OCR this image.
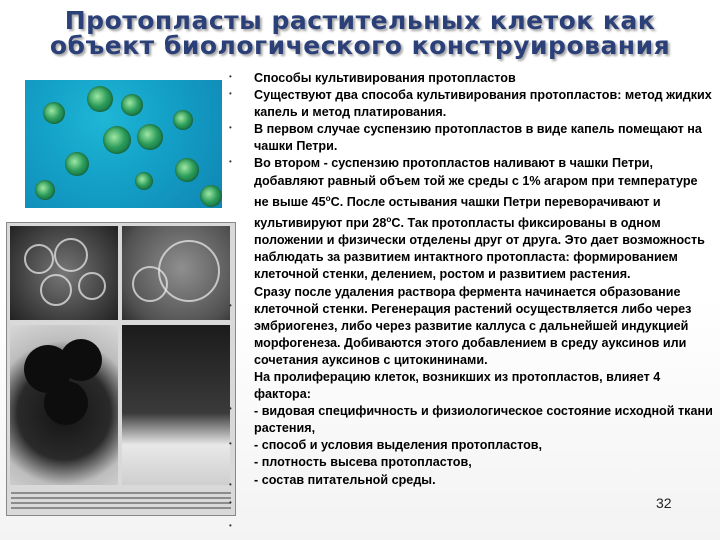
Протопласты растительных клеток как
объект биологического конструирования
•
•
•
•
•
•
•
•
•
•

Способы культивирования протопластов

Существуют два способа культивирования протопластов: метод жидких капель и метод платирования.

В первом случае суспензию протопластов в виде капель помещают на чашки Петри.

Во втором - суспензию протопластов наливают в чашки Петри, добавляют равный объем той же среды с 1% агаром при температуре не выше 45$^o$С. После остывания чашки Петри переворачивают и культивируют при 28$^o$С. Так протопласты фиксированы в одном положении и физически отделены друг от друга. Это дает возможность наблюдать за развитием интактного протопласта: формированием клеточной стенки, делением, ростом и развитием растения.

Сразу после удаления раствора фермента начинается образование клеточной стенки. Регенерация растений осуществляется либо через эмбриогенез, либо через развитие каллуса с дальнейшей индукцией морфогенеза. Добиваются этого добавлением в среду ауксинов или сочетания ауксинов с цитокининами.

На пролиферацию клеток, возникших из протопластов, влияет 4 фактора:

- видовая специфичность и физиологическое состояние исходной ткани растения,

- способ и условия выделения протопластов,

- плотность высева протопластов,

- состав питательной среды.

32
